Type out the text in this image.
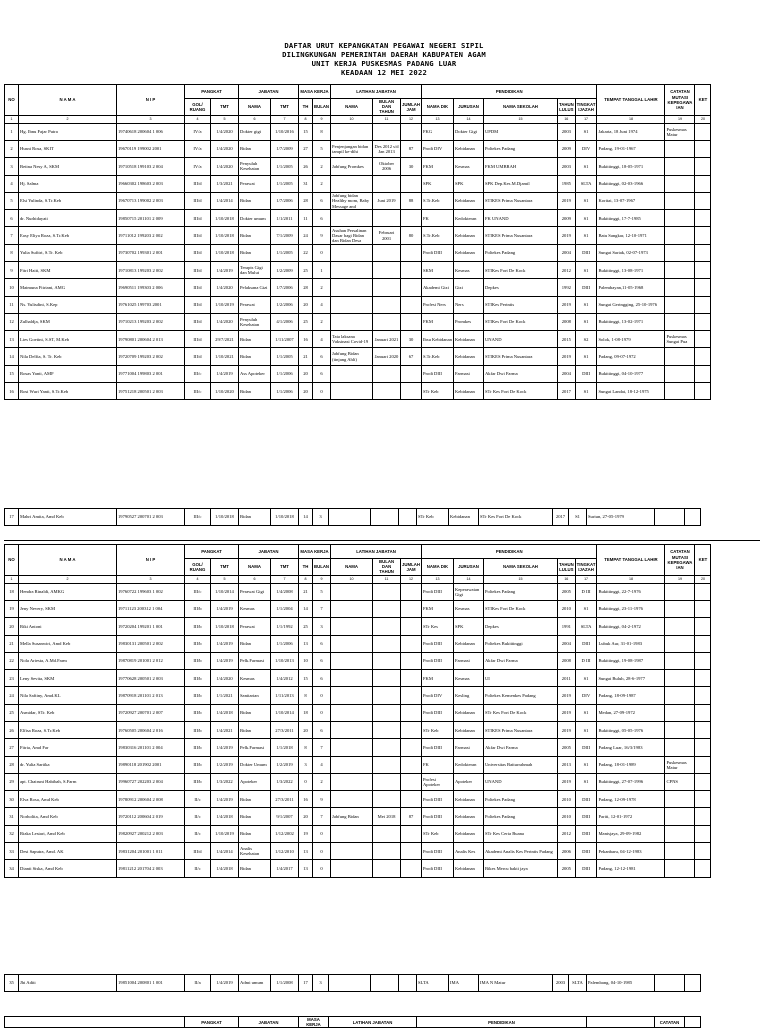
DAFTAR URUT KEPANGKATAN PEGAWAI NEGERI SIPIL
DILINGKUNGAN PEMERINTAH DAERAH KABUPATEN AGAM
UNIT KERJA PUSKESMAS PADANG LUAR
KEADAAN 12 MEI 2022
NO	N A M A	N I P	PANGKAT		JABATAN		MASA KERJA		LATIHAN JABATAN			PENDIDIKAN					TEMPAT TANGGAL LAHIR	CATATAN MUTASI KEPEGAWA IAN	KET
			GOL/ RUANG	TMT	NAMA	TMT	TH	BULAN	NAMA	BULAN DAN TAHUN	JUMLAH JAM	NAMA DIK	JURUSAN	NAMA SEKOLAH	TAHUN LULUS	TINGKAT IJAZAH			
1	2	3	4	5	6	7	8	9	10	11	12	13	14	15	16	17	18	19	20
1	Hg. Ibnu Fajar Putra	19740618 200604 1 006	IV/a	1/4/2020	Dokter gigi	1/10/2016	15	8				FKG	Dokter Gigi	UPDM	2003	S1	Jakarta, 18 Juni 1974	Puskesmas Matur	
2	Husni Rosa, SKIT	19670119 199002 2001	IV/a	1/4/2020	Bidan	1/7/2009	27	5	Penjenjangan bidan tampil ke-dihi	Des 2012 s/d Jan 2013	87	Prodi DIV	Kebidanan	Poltekes Padang	2009	DIV	Padang, 19-01-1967		
3	Betina Nesy A, SKM	19710518 199103 2 004	IV/a	1/4/2020	Penyuluh Kesehatan	1/1/2005	26	2	Jabfung Promkes	Oktober 2006	30	FKM	Kesmas	FKM UMBRAH	2003	S1	Bukittinggi, 18-05-1971		
4	Hj. Salma	19660302 198603 2 003	III/d	1/3/2021	Perawat	1/1/2005	31	2				SPK	SPK	SPK Dep.Kes.M.Djamil	1985	SLTA	Bukittinggi, 02-03-1966		
5	Elsi Yulinda, S.Tr.Keb	19670713 199002 2 003	III/d	1/4/2014	Bidan	1/7/2006	28	6	Jabfung bidan Healthy mom, Baby Message and	Juni 2019	88	S.Tr.Keb	Kebidanan	STIKES Prima Nusantara	2019	S1	Koritai, 13-07-1967		
6	dr. Nurhidayati	19850715 201101 2 009	III/d	1/10/2018	Dokter umum	1/1/2011	11	6				FK	Kedokteran	FK UNAND	2009	S1	Bukittinggi, 17-7-1985		
7	Easy Eliya Roza, S.Tr.Keb	19711012 199203 2 002	III/d	1/10/2018	Bidan	7/1/2009	24	9	Asuhan Persalinan Dasar bagi Bidan dan Bidan Desa	Februari 2001	80	S.Tr.Keb	Kebidanan	STIKES Prima Nusantara	2019	S1	Batu Sangkar, 12-10-1971		
8	Yulia Sufitri, S.Tr. Keb	19730702 199301 2 001	III/d	1/10/2018	Bidan	1/1/2005	22	0				Prodi DIII	Kebidanan	Poltekes Padang	2004	DIII	Sungai Sariak, 02-07-1973		
9	Fitri Haiti, SKM	19710813 199203 2 002	III/d	1/4/2019	Terapis Gigi dan Mulut	1/2/2009	25	1				SKM	Kesmas	STIKes Fort De Kock	2012	S1	Bukittinggi, 13-08-1971		
10	Maimuna Fitriani, AMG	19690511 199303 2 006	III/d	1/4/2020	Pelaksana Gizi	1/7/2006	28	2				Akademi Gizi	Gizi	Depkes	1992	DIII	Palembayan,11-05-1968		
11	Ns. Yulisdini, S.Kep	19761025 199703 2001	III/d	1/10/2019	Perawat	1/2/2006	20	4				Profesi Ners	Ners	STIKes Perintis	2019	S1	Sungai Geringging, 25-10-1976		
12	Zulhaldja, SKM	19710213 199203 2 002	III/d	1/4/2020	Penyuluh Kesehatan	4/1/2006	25	2				FKM	Promkes	STIKes Fort De Kock	2008	S1	Bukittinggi, 13-02-1971		
13	Lies Goetini, S.ST, M.Keb	19790801 200604 2 013	III/d	29/7/2021	Bidan	1/11/2007	16	4	Tata laksana Vaksinasi Covid-19	Januari 2021	30	Ibsu Kebidanan	Kebidanan	UNAND	2015	S2	Solok, 1-08-1979	Puskesmas Sungai Pua	
14	Nila Delfia, S. Tr. Keb	19720709 199203 2 002	III/d	1/10/2021	Bidan	1/1/2005	21	6	Jabfung Bidan (tinjang Ahli)	Januari 2020	67	S.Tr.Keb	Kebidanan	STIKES Prima Nusantara	2019	S1	Padang, 09-07-1972		
15	Rosas Yanti, AMF	19771004 199803 2 001	III/c	1/4/2019	Ass Apoteker	1/1/2006	20	6				Prodi DIII	Farmasi	Akfar Dwi Farma	2004	DIII	Bukittinggi, 04-10-1977		
16	Rosi Wuri Yanti, S.Tr.Keb	19751218 200501 2 003	III/c	1/10/2020	Bidan	1/1/2006	20	0				STr Keb	Kebidanan	STr Kes Fort De Kock	2017	S1	Sungai Landai, 18-12-1975		
17	Mahri Amita, Amd Keb	19790527 200701 2 003	III/c	1/10/2018	Bidan	1/10/2018	14	3				STr Keb	Kebidanan	STr Kes Fort De Kock	2017	S1	Suriun, 27-05-1979		
NO	N A M A	N I P	PANGKAT		JABATAN		MASA KERJA		LATIHAN JABATAN			PENDIDIKAN					TEMPAT TANGGAL LAHIR	CATATAN MUTASI KEPEGAWA IAN	KET
			GOL/ RUANG	TMT	NAMA	TMT	TH	BULAN	NAMA	BULAN DAN TAHUN	JUMLAH JAM	NAMA DIK	JURUSAN	NAMA SEKOLAH	TAHUN LULUS	TINGKAT IJAZAH			
1	2	3	4	5	6	7	8	9	10	11	12	13	14	15	16	17	18	19	20
18	Hendra Rinaldi, AMKG	19760722 199603 1 002	III/c	1/10/2014	Perawat Gigi	1/4/2008	21	5				Prodi DIII	Keperawatan Gigi	Poltekes Padang	2005	D III	Bukittinggi, 22-7-1976		
19	Jeny Nevery, SKM	19711123 200312 1 004	III/b	1/4/2019	Kesmas	1/1/2004	14	7				FKM	Kesmas	STIKes Fort De Kock	2010	S1	Bukittinggi, 23-11-1976		
20	Riki Antoni	19720204 199201 1 001	III/b	1/10/2018	Perawat	1/1/1992	25	3				STr Kes	SPK	Depkes	1991	SLTA	Bukittinggi, 04-2-1972		
21	Mella Susanwiri, Amd Keb	19830131 200501 2 002	III/b	1/4/2019	Bidan	1/1/2006	13	6				Prodi DIII	Kebidanan	Poltekes Bukittinggi	2004	DIII	Lubuk Aur, 31-01-1983		
22	Nola Ariesta, A.Md.Farm	19870819 201001 2 012	III/b	1/4/2019	Pelk.Farmasi	1/10/2013	10	6				Prodi DIII	Farmasi	Akfar Dwi Farma	2008	D III	Bukittinggi, 19-08-1987		
23	Leny Sevita, SKM	19770628 200501 2 003	III/b	1/4/2020	Kesmas	1/4/2012	15	6				FKM	Kesmas	UI	2011	S1	Sungai Buluh, 28-6-1977		
24	Nila Saftiny, Amd.KL	19870918 201101 2 013	III/b	1/1/2021	Sanitarian	1/11/2013	8	0				Prodi DIV	Kesling	Poltekes Kemenkes Padang	2019	DIV	Padang, 18-09-1987		
25	Asmidar, STr. Keb	19720927 200701 2 007	III/b	1/4/2018	Bidan	1/10/2014	18	0				Prodi DIII	Kebidanan	STr Kes Fort De Kock	2019	S1	Medan, 27-09-1972		
26	Elfisa Roza, S.Tr.Keb	19760505 200604 2 016	III/b	1/4/2021	Bidan	27/3/2011	20	6				STr Keb	Kebidanan	STIKES Prima Nusantara	2019	S1	Bukittinggi, 05-05-1976		
27	Fitria, Amd Far	19830316 201101 2 004	III/b	1/4/2019	Pelk.Farmasi	1/1/2018	8	7				Prodi DIII	Farmasi	Akfar Dwi Farma	2005	DIII	Padang Luar, 16/3/1983		
28	dr. Yulia Sartika	19890118 201902 2001	III/b	1/2/2019	Dokter Umum	1/2/2019	3	4				FK	Kedokteran	Universitas Baiturrahmah	2013	S1	Padang, 18-01-1989	Puskesmas Matur	
29	apt. Chairuni Habibah, S.Farm	19960727 202203 2 004	III/b	1/3/2022	Apoteker	1/3/2022	0	2				Profesi Apoteker	Apoteker	UNAND	2019	S1	Bukittinggi, 27-07-1996	CPNS	
30	Elva Rosa, Amd Keb	19780912 200604 2 008	II/c	1/4/2019	Bidan	27/3/2011	16	9				Prodi DIII	Kebidanan	Poltekes Padang	2010	DIII	Padang, 12-09-1978		
31	Norholita, Amd Keb	19720112 200604 2 019	II/c	1/4/2018	Bidan	9/1/2007	20	7	Jabfung Bidan	Mei 2018	87	Prodi DIII	Kebidanan	Poltekes Padang	2010	DIII	Pariti, 12-01-1972		
32	Rizka Lestari, Amd Keb	19820927 200212 2 003	II/c	1/10/2019	Bidan	1/12/2002	19	0				STr Keb	Kebidanan	STr Kes Ceria Buana	2012	DIII	Manisjaya, 29-09-1982		
33	Desi Saputra, Amd. AK	19831204 201001 1 011	III/d	1/4/2014	Analis Kesehatan	1/12/2010	13	0				Prodi DIII	Analis Kes	Akademi Analis Kes Perintis Padang	2006	DIII	Pekanbaru, 04-12-1983		
34	Dianti Siska, Amd Keb	19811212 201704 2 003	II/c	1/4/2018	Bidan	1/4/2017	13	0				Prodi DIII	Kebidanan	Bikes Mercu bakti jaya	2005	DIII	Padang, 12-12-1981		
35	Jhi Aditi	19851004 200801 1 001	II/a	1/4/2019	Admi umum	1/1/2008	17	3				SLTA	IMA	IMA N Matur	2003	SLTA	Palembang, 04-10-1985		
	PANGKAT	JABATAN	MASA KERJA	LATIHAN JABATAN	PENDIDIKAN		CATATAN	
